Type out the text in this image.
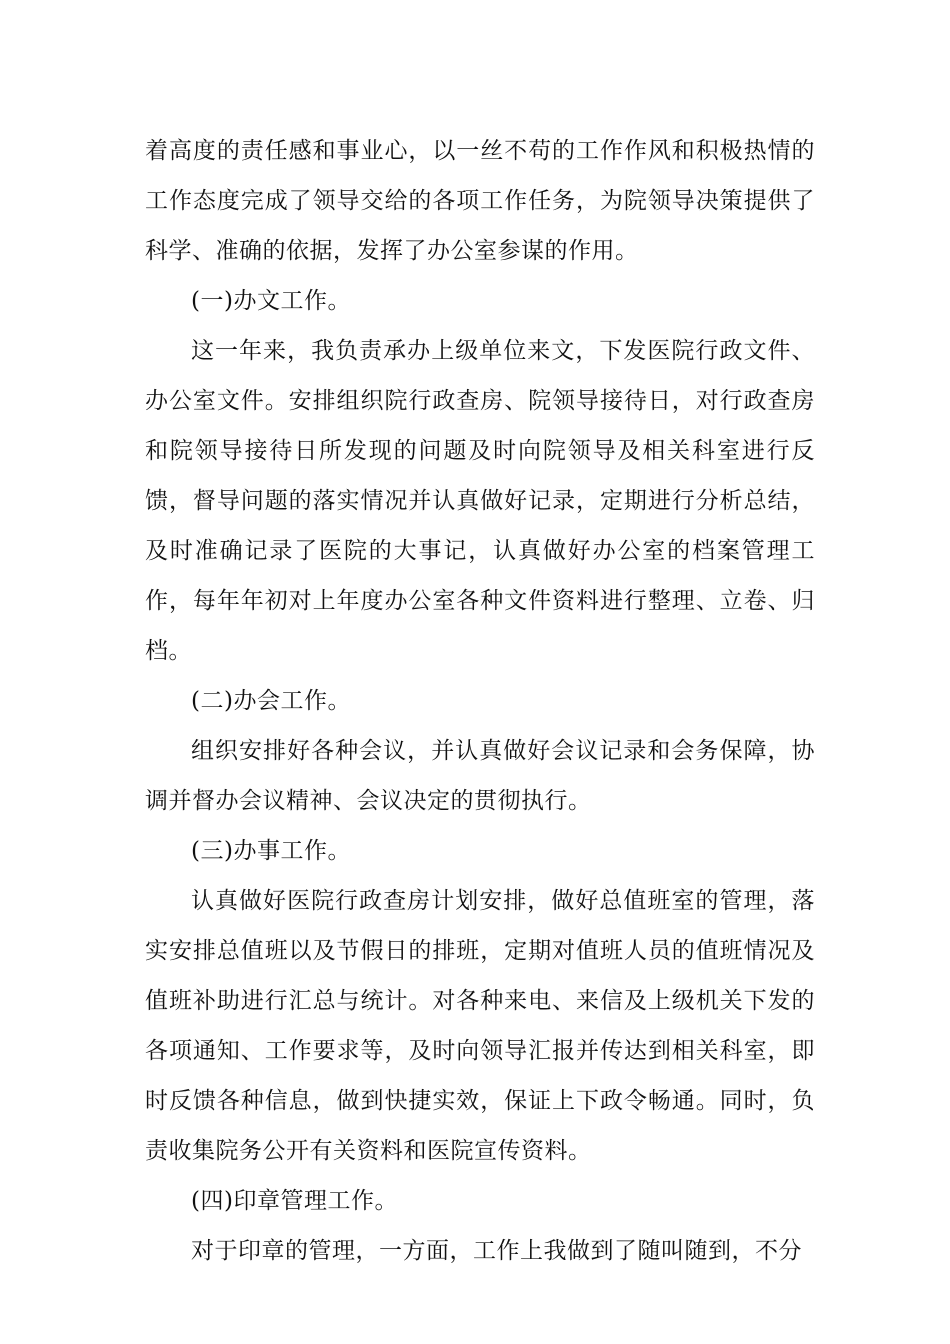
着高度的责任感和事业心，以一丝不苟的工作作风和积极热情的工作态度完成了领导交给的各项工作任务，为院领导决策提供了科学、准确的依据，发挥了办公室参谋的作用。

(一)办文工作。

这一年来，我负责承办上级单位来文，下发医院行政文件、办公室文件。安排组织院行政查房、院领导接待日，对行政查房和院领导接待日所发现的问题及时向院领导及相关科室进行反馈，督导问题的落实情况并认真做好记录，定期进行分析总结，及时准确记录了医院的大事记，认真做好办公室的档案管理工作，每年年初对上年度办公室各种文件资料进行整理、立卷、归档。

(二)办会工作。

组织安排好各种会议，并认真做好会议记录和会务保障，协调并督办会议精神、会议决定的贯彻执行。

(三)办事工作。

认真做好医院行政查房计划安排，做好总值班室的管理，落实安排总值班以及节假日的排班，定期对值班人员的值班情况及值班补助进行汇总与统计。对各种来电、来信及上级机关下发的各项通知、工作要求等，及时向领导汇报并传达到相关科室，即时反馈各种信息，做到快捷实效，保证上下政令畅通。同时，负责收集院务公开有关资料和医院宣传资料。

(四)印章管理工作。

对于印章的管理，一方面，工作上我做到了随叫随到，不分
